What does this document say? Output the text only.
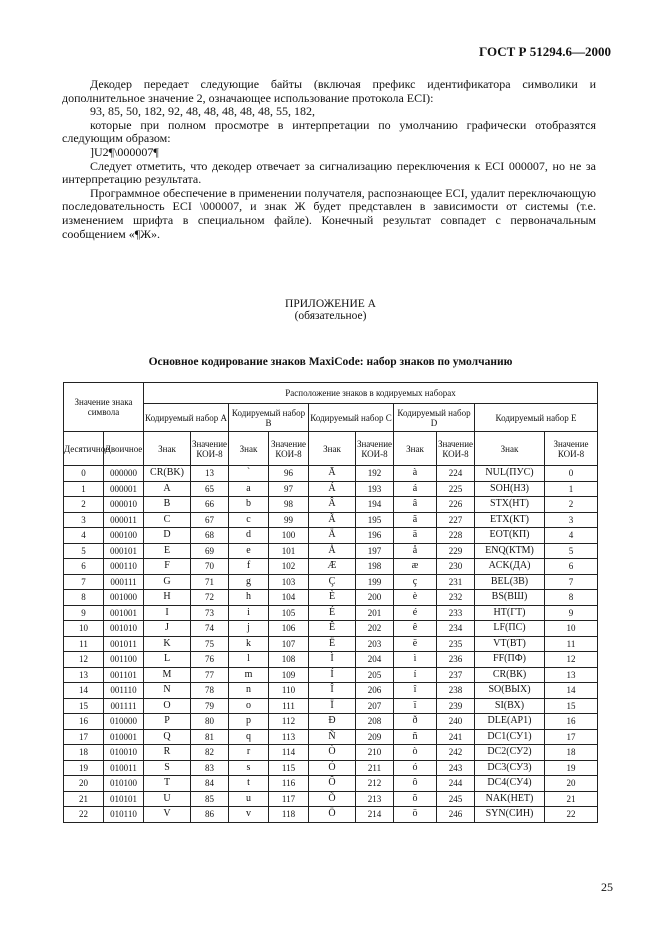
ГОСТ Р 51294.6—2000

Декодер передает следующие байты (включая префикс идентификатора символики и дополнительное значение 2, означающее использование протокола ECI):

93, 85, 50, 182, 92, 48, 48, 48, 48, 48, 55, 182,

которые при полном просмотре в интерпретации по умолчанию графически отобразятся следующим образом:

]U2¶\000007¶

Следует отметить, что декодер отвечает за сигнализацию переключения к ECI 000007, но не за интерпретацию результата.

Программное обеспечение в применении получателя, распознающее ECI, удалит переключающую последовательность ECI \000007, и знак Ж будет представлен в зависимости от системы (т.е. изменением шрифта в специальном файле). Конечный результат совпадет с первоначальным сообщением «¶Ж».

ПРИЛОЖЕНИЕ А
(обязательное)
Основное кодирование знаков MaxiCode: набор знаков по умолчанию
Значение знака символа		Расположение знаков в кодируемых наборах									
		Кодируемый набор A		Кодируемый набор B		Кодируемый набор C		Кодируемый набор D		Кодируемый набор E	
Десятичное	Двоичное	Знак	Значение КОИ-8	Знак	Значение КОИ-8	Знак	Значение КОИ-8	Знак	Значение КОИ-8	Знак	Значение КОИ-8
0	000000	CR(BK)	13	`	96	Ā	192	à	224	NUL(ПУС)	0
1	000001	A	65	a	97	Á	193	á	225	SOH(НЗ)	1
2	000010	B	66	b	98	Â	194	â	226	STX(НТ)	2
3	000011	C	67	c	99	Ã	195	ã	227	ETX(КТ)	3
4	000100	D	68	d	100	Ä	196	ä	228	EOT(КП)	4
5	000101	E	69	e	101	Å	197	å	229	ENQ(КТМ)	5
6	000110	F	70	f	102	Æ	198	æ	230	ACK(ДА)	6
7	000111	G	71	g	103	Ç	199	ç	231	BEL(ЗВ)	7
8	001000	H	72	h	104	È	200	è	232	BS(ВШ)	8
9	001001	I	73	i	105	É	201	é	233	HT(ГТ)	9
10	001010	J	74	j	106	Ê	202	ê	234	LF(ПС)	10
11	001011	K	75	k	107	Ë	203	ë	235	VT(ВТ)	11
12	001100	L	76	l	108	Ì	204	ì	236	FF(ПФ)	12
13	001101	M	77	m	109	Í	205	í	237	CR(ВК)	13
14	001110	N	78	n	110	Î	206	î	238	SO(ВЫХ)	14
15	001111	O	79	o	111	Ï	207	ï	239	SI(ВХ)	15
16	010000	P	80	p	112	Ð	208	ð	240	DLE(AP1)	16
17	010001	Q	81	q	113	Ñ	209	ñ	241	DC1(СУ1)	17
18	010010	R	82	r	114	Ò	210	ò	242	DC2(СУ2)	18
19	010011	S	83	s	115	Ó	211	ó	243	DC3(СУ3)	19
20	010100	T	84	t	116	Ô	212	ô	244	DC4(СУ4)	20
21	010101	U	85	u	117	Õ	213	õ	245	NAK(НЕТ)	21
22	010110	V	86	v	118	Ö	214	ö	246	SYN(СИН)	22
25
